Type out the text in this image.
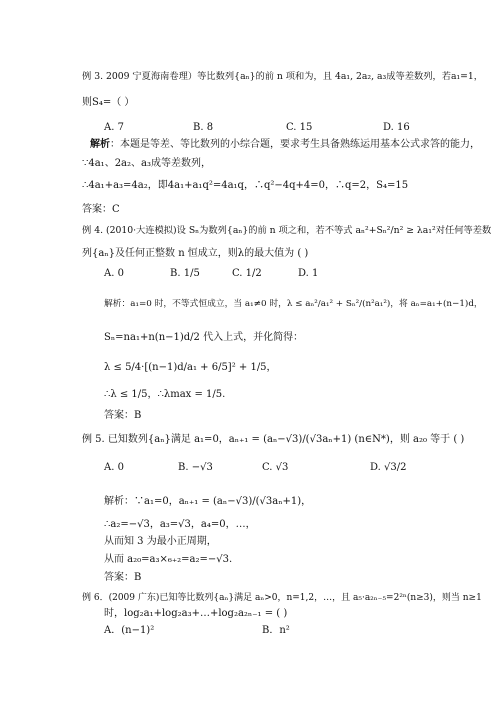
例 3. 2009 宁夏海南卷理）等比数列{aₙ}的前 n 项和为，且 4a₁, 2a₂, a₃成等差数列，若a₁=1，
则S₄=（ ）
A. 7	B. 8	C. 15	D. 16
解析：本题是等差、等比数列的小综合题，要求考生具备熟练运用基本公式求答的能力，
∵4a₁、2a₂、a₃成等差数列，
∴4a₁+a₃=4a₂，即4a₁+a₁q²=4a₁q，∴q²−4q+4=0，∴q=2，S₄=15
答案：C
例 4. (2010·大连模拟)设 Sₙ为数列{aₙ}的前 n 项之和，若不等式 aₙ²+Sₙ²/n² ≥ λa₁²对任何等差数
列{aₙ}及任何正整数 n 恒成立，则λ的最大值为 ( )
A. 0	B. 1/5	C. 1/2	D. 1
解析：a₁=0 时，不等式恒成立，当 a₁≠0 时，λ ≤ aₙ²/a₁² + Sₙ²/(n²a₁²)，将 aₙ=a₁+(n−1)d，
Sₙ=na₁+n(n−1)d/2 代入上式，并化简得：
λ ≤ 5/4·[(n−1)d/a₁ + 6/5]² + 1/5，
∴λ ≤ 1/5，∴λmax = 1/5.
答案：B
例 5. 已知数列{aₙ}满足 a₁=0，aₙ₊₁ = (aₙ−√3)/(√3aₙ+1) (n∈N*)，则 a₂₀ 等于 ( )
A. 0	B. −√3	C. √3	D. √3/2
解析：∵a₁=0，aₙ₊₁ = (aₙ−√3)/(√3aₙ+1)，
∴a₂=−√3，a₃=√3，a₄=0，…，
从而知 3 为最小正周期，
从而 a₂₀=a₃×₆₊₂=a₂=−√3.
答案：B
例 6．(2009 广东)已知等比数列{aₙ}满足 aₙ>0，n=1,2，…，且 a₅·a₂ₙ₋₅=2²ⁿ(n≥3)，则当 n≥1
时，log₂a₁+log₂a₃+…+log₂a₂ₙ₋₁ = ( )
A．(n−1)²	B．n²
